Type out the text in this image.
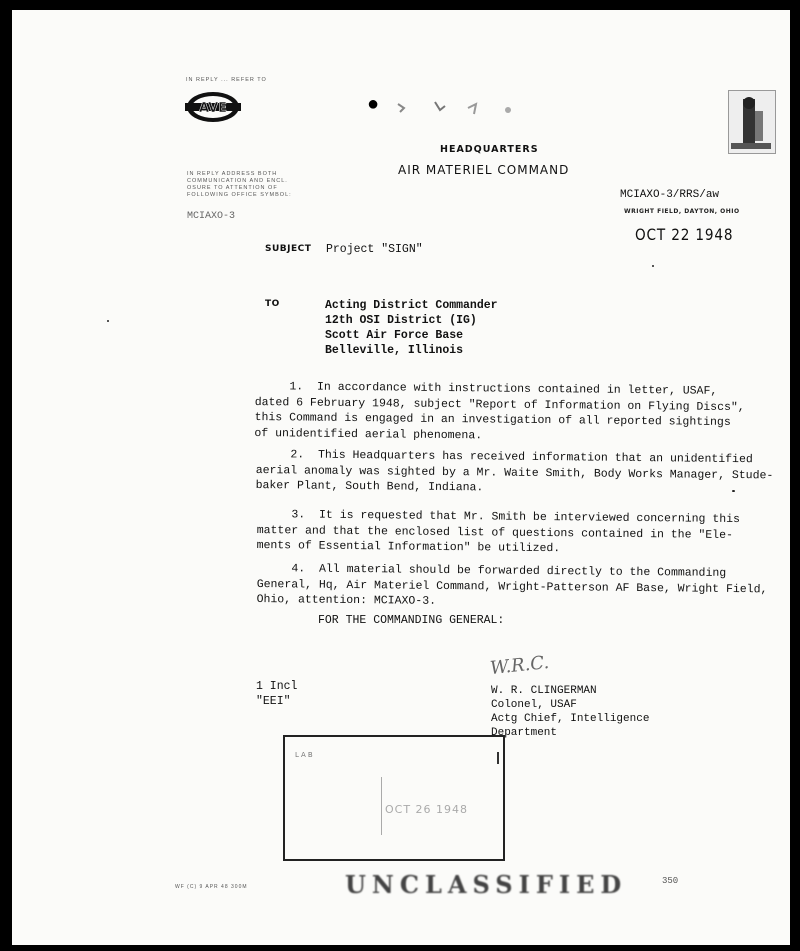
IN REPLY ... REFER TO
AVE	●
HEADQUARTERS
AIR MATERIEL COMMAND
IN REPLY ADDRESS BOTH
COMMUNICATION AND ENCL.
OSURE TO ATTENTION OF
FOLLOWING OFFICE SYMBOL:
MCIAXO-3
MCIAXO-3/RRS/aw
WRIGHT FIELD, DAYTON, OHIO
OCT 22 1948
SUBJECT Project "SIGN"
TO	Acting District Commander
12th OSI District (IG)
Scott Air Force Base
Belleville, Illinois
1.  In accordance with instructions contained in letter, USAF,
dated 6 February 1948, subject "Report of Information on Flying Discs",
this Command is engaged in an investigation of all reported sightings
of unidentified aerial phenomena.
2.  This Headquarters has received information that an unidentified
aerial anomaly was sighted by a Mr. Waite Smith, Body Works Manager, Stude-
baker Plant, South Bend, Indiana.
3.  It is requested that Mr. Smith be interviewed concerning this
matter and that the enclosed list of questions contained in the "Ele-
ments of Essential Information" be utilized.
4.  All material should be forwarded directly to the Commanding
General, Hq, Air Materiel Command, Wright-Patterson AF Base, Wright Field,
Ohio, attention: MCIAXO-3.
FOR THE COMMANDING GENERAL:
W.R.C.
1 Incl
"EEI"
W. R. CLINGERMAN
Colonel, USAF
Actg Chief, Intelligence
Department
LAB
OCT 26 1948
WF (C) 9 APR 48 300M	UNCLASSIFIED	350
